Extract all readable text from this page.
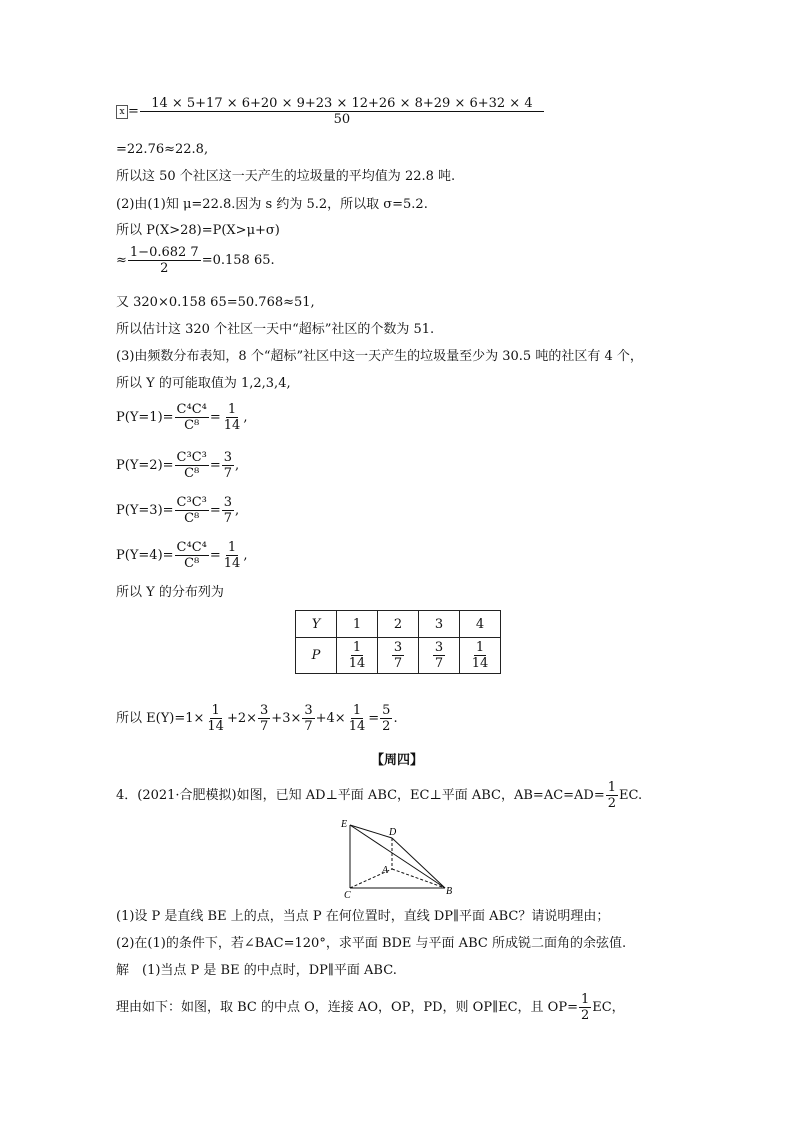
$x = \frac{14 \times 5+17 \times 6+20 \times 9+23 \times 12+26 \times 8+29 \times 6+32 \times 4}{50}$
=22.76≈22.8,
所以这 50 个社区这一天产生的垃圾量的平均值为 22.8 吨.
(2)由(1)知 μ=22.8.因为 s 约为 5.2，所以取 σ=5.2.
所以 P(X>28)=P(X>μ+σ)
≈ $\frac{1-0.682 7}{2} =0.158$ 65.
又 320×0.158 65=50.768≈51,
所以估计这 320 个社区一天中“超标”社区的个数为 51.
(3)由频数分布表知，8 个“超标”社区中这一天产生的垃圾量至少为 30.5 吨的社区有 4 个，
所以 Y 的可能取值为 1,2,3,4,
$P(Y=1)= \frac{\text{C⁴C⁴}}{\text{C⁸}} = \frac{1}{14}$ ,
$P(Y=2)= \frac{\text{C³C³}}{\text{C⁸}} = \frac{3}{7}$ ,
$P(Y=3)= \frac{\text{C³C³}}{\text{C⁸}} = \frac{3}{7}$ ,
$P(Y=4)= \frac{\text{C⁴C⁴}}{\text{C⁸}} = \frac{1}{14}$ ,
所以 Y 的分布列为
Y	1	2	3	4
P	$\frac{1}{14}$	$\frac{3}{7}$	$\frac{3}{7}$	$\frac{1}{14}$
所以 $E(Y)=1\times \frac{1}{14} +2\times \frac{3}{7} +3\times \frac{3}{7} +4\times \frac{1}{14} = \frac{5}{2}$ .
【周四】
4．(2021·合肥模拟)如图，已知 AD⊥平面 ABC，EC⊥平面 ABC，$AB=AC=AD= \frac{1}{2}$ EC.
E
D
A
C	B
(1)设 P 是直线 BE 上的点，当点 P 在何位置时，直线 DP∥平面 ABC？请说明理由；
(2)在(1)的条件下，若∠BAC=120°，求平面 BDE 与平面 ABC 所成锐二面角的余弦值.
解　(1)当点 P 是 BE 的中点时，DP∥平面 ABC.
理由如下：如图，取 BC 的中点 O，连接 AO，OP，PD，则 OP∥EC，且 $OP= \frac{1}{2}$ EC，
